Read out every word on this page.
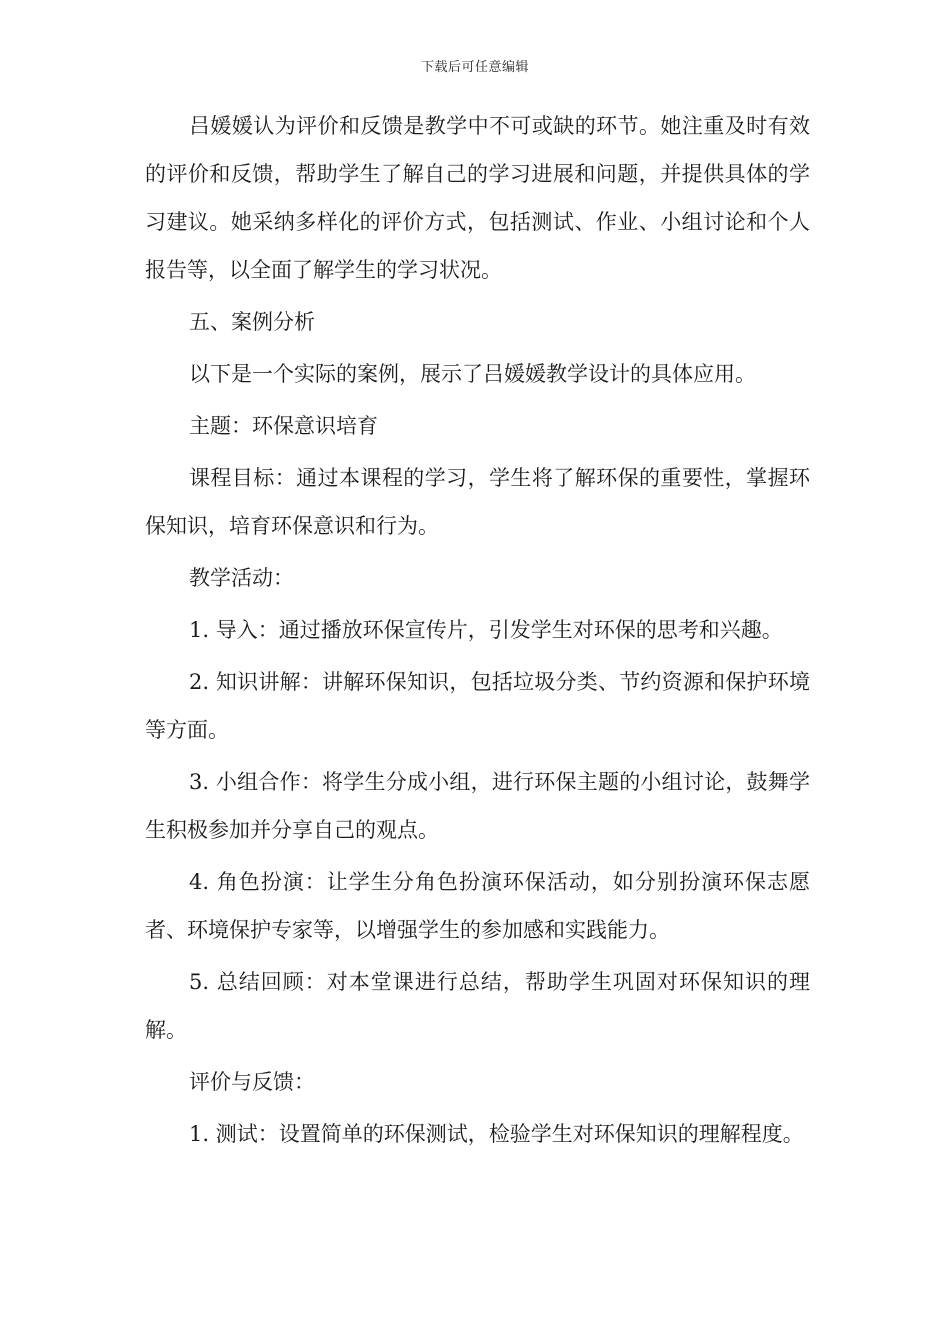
下载后可任意编辑

吕媛媛认为评价和反馈是教学中不可或缺的环节。她注重及时有效的评价和反馈，帮助学生了解自己的学习进展和问题，并提供具体的学习建议。她采纳多样化的评价方式，包括测试、作业、小组讨论和个人报告等，以全面了解学生的学习状况。

五、案例分析

以下是一个实际的案例，展示了吕媛媛教学设计的具体应用。

主题：环保意识培育

课程目标：通过本课程的学习，学生将了解环保的重要性，掌握环保知识，培育环保意识和行为。

教学活动：

1. 导入：通过播放环保宣传片，引发学生对环保的思考和兴趣。

2. 知识讲解：讲解环保知识，包括垃圾分类、节约资源和保护环境等方面。

3. 小组合作：将学生分成小组，进行环保主题的小组讨论，鼓舞学生积极参加并分享自己的观点。

4. 角色扮演：让学生分角色扮演环保活动，如分别扮演环保志愿者、环境保护专家等，以增强学生的参加感和实践能力。

5. 总结回顾：对本堂课进行总结，帮助学生巩固对环保知识的理解。

评价与反馈：

1. 测试：设置简单的环保测试，检验学生对环保知识的理解程度。
